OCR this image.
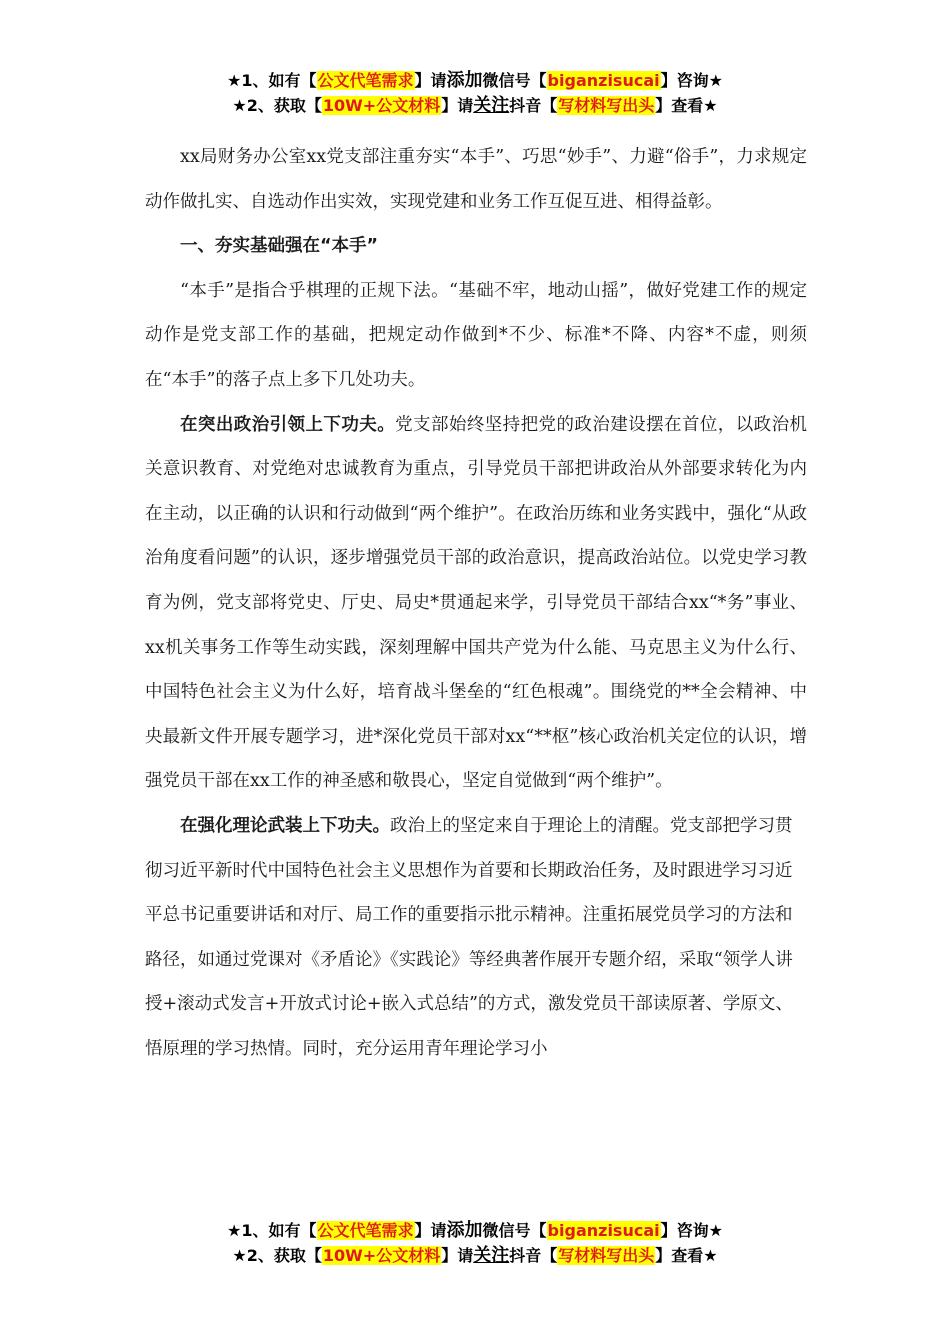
★1、如有【公文代笔需求】请添加微信号【biganzisucai】咨询★
★2、获取【10W+公文材料】请关注抖音【写材料写出头】查看★

xx局财务办公室xx党支部注重夯实“本手”、巧思“妙手”、力避“俗手”，力求规定动作做扎实、自选动作出实效，实现党建和业务工作互促互进、相得益彰。

一、夯实基础强在“本手”

“本手”是指合乎棋理的正规下法。“基础不牢，地动山摇”，做好党建工作的规定动作是党支部工作的基础，把规定动作做到*不少、标准*不降、内容*不虚，则须在“本手”的落子点上多下几处功夫。

在突出政治引领上下功夫。党支部始终坚持把党的政治建设摆在首位，以政治机关意识教育、对党绝对忠诚教育为重点，引导党员干部把讲政治从外部要求转化为内在主动，以正确的认识和行动做到“两个维护”。在政治历练和业务实践中，强化“从政治角度看问题”的认识，逐步增强党员干部的政治意识，提高政治站位。以党史学习教育为例，党支部将党史、厅史、局史*贯通起来学，引导党员干部结合xx“*务”事业、xx机关事务工作等生动实践，深刻理解中国共产党为什么能、马克思主义为什么行、中国特色社会主义为什么好，培育战斗堡垒的“红色根魂”。围绕党的**全会精神、中央最新文件开展专题学习，进*深化党员干部对xx“**枢”核心政治机关定位的认识，增强党员干部在xx工作的神圣感和敬畏心，坚定自觉做到“两个维护”。

在强化理论武装上下功夫。政治上的坚定来自于理论上的清醒。党支部把学习贯彻习近平新时代中国特色社会主义思想作为首要和长期政治任务，及时跟进学习习近平总书记重要讲话和对厅、局工作的重要指示批示精神。注重拓展党员学习的方法和路径，如通过党课对《矛盾论》《实践论》等经典著作展开专题介绍，采取“领学人讲授+滚动式发言+开放式讨论+嵌入式总结”的方式，激发党员干部读原著、学原文、悟原理的学习热情。同时，充分运用青年理论学习小

★1、如有【公文代笔需求】请添加微信号【biganzisucai】咨询★
★2、获取【10W+公文材料】请关注抖音【写材料写出头】查看★
